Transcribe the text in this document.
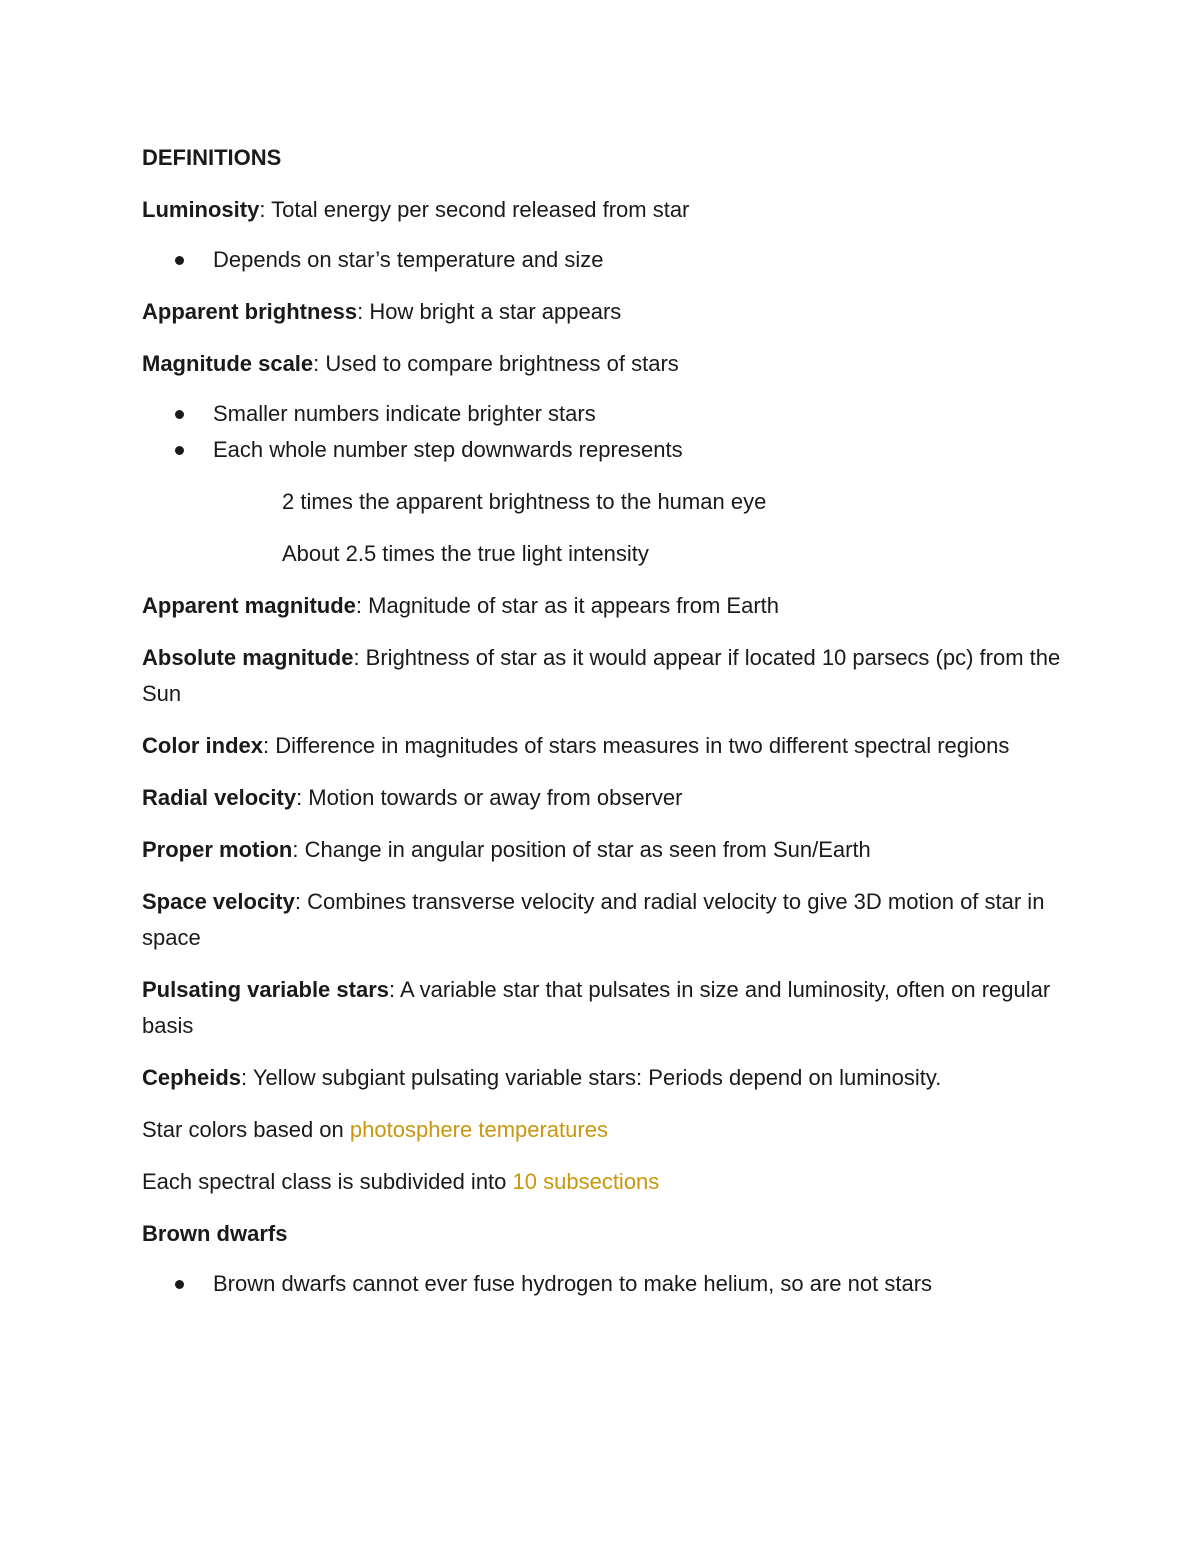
DEFINITIONS

Luminosity: Total energy per second released from star

Depends on star’s temperature and size

Apparent brightness: How bright a star appears

Magnitude scale: Used to compare brightness of stars

Smaller numbers indicate brighter stars
Each whole number step downwards represents

2 times the apparent brightness to the human eye

About 2.5 times the true light intensity

Apparent magnitude: Magnitude of star as it appears from Earth

Absolute magnitude: Brightness of star as it would appear if located 10 parsecs (pc) from the Sun

Color index: Difference in magnitudes of stars measures in two different spectral regions

Radial velocity: Motion towards or away from observer

Proper motion: Change in angular position of star as seen from Sun/Earth

Space velocity: Combines transverse velocity and radial velocity to give 3D motion of star in space

Pulsating variable stars: A variable star that pulsates in size and luminosity, often on regular basis

Cepheids: Yellow subgiant pulsating variable stars: Periods depend on luminosity.

Star colors based on photosphere temperatures

Each spectral class is subdivided into 10 subsections

Brown dwarfs

Brown dwarfs cannot ever fuse hydrogen to make helium, so are not stars
